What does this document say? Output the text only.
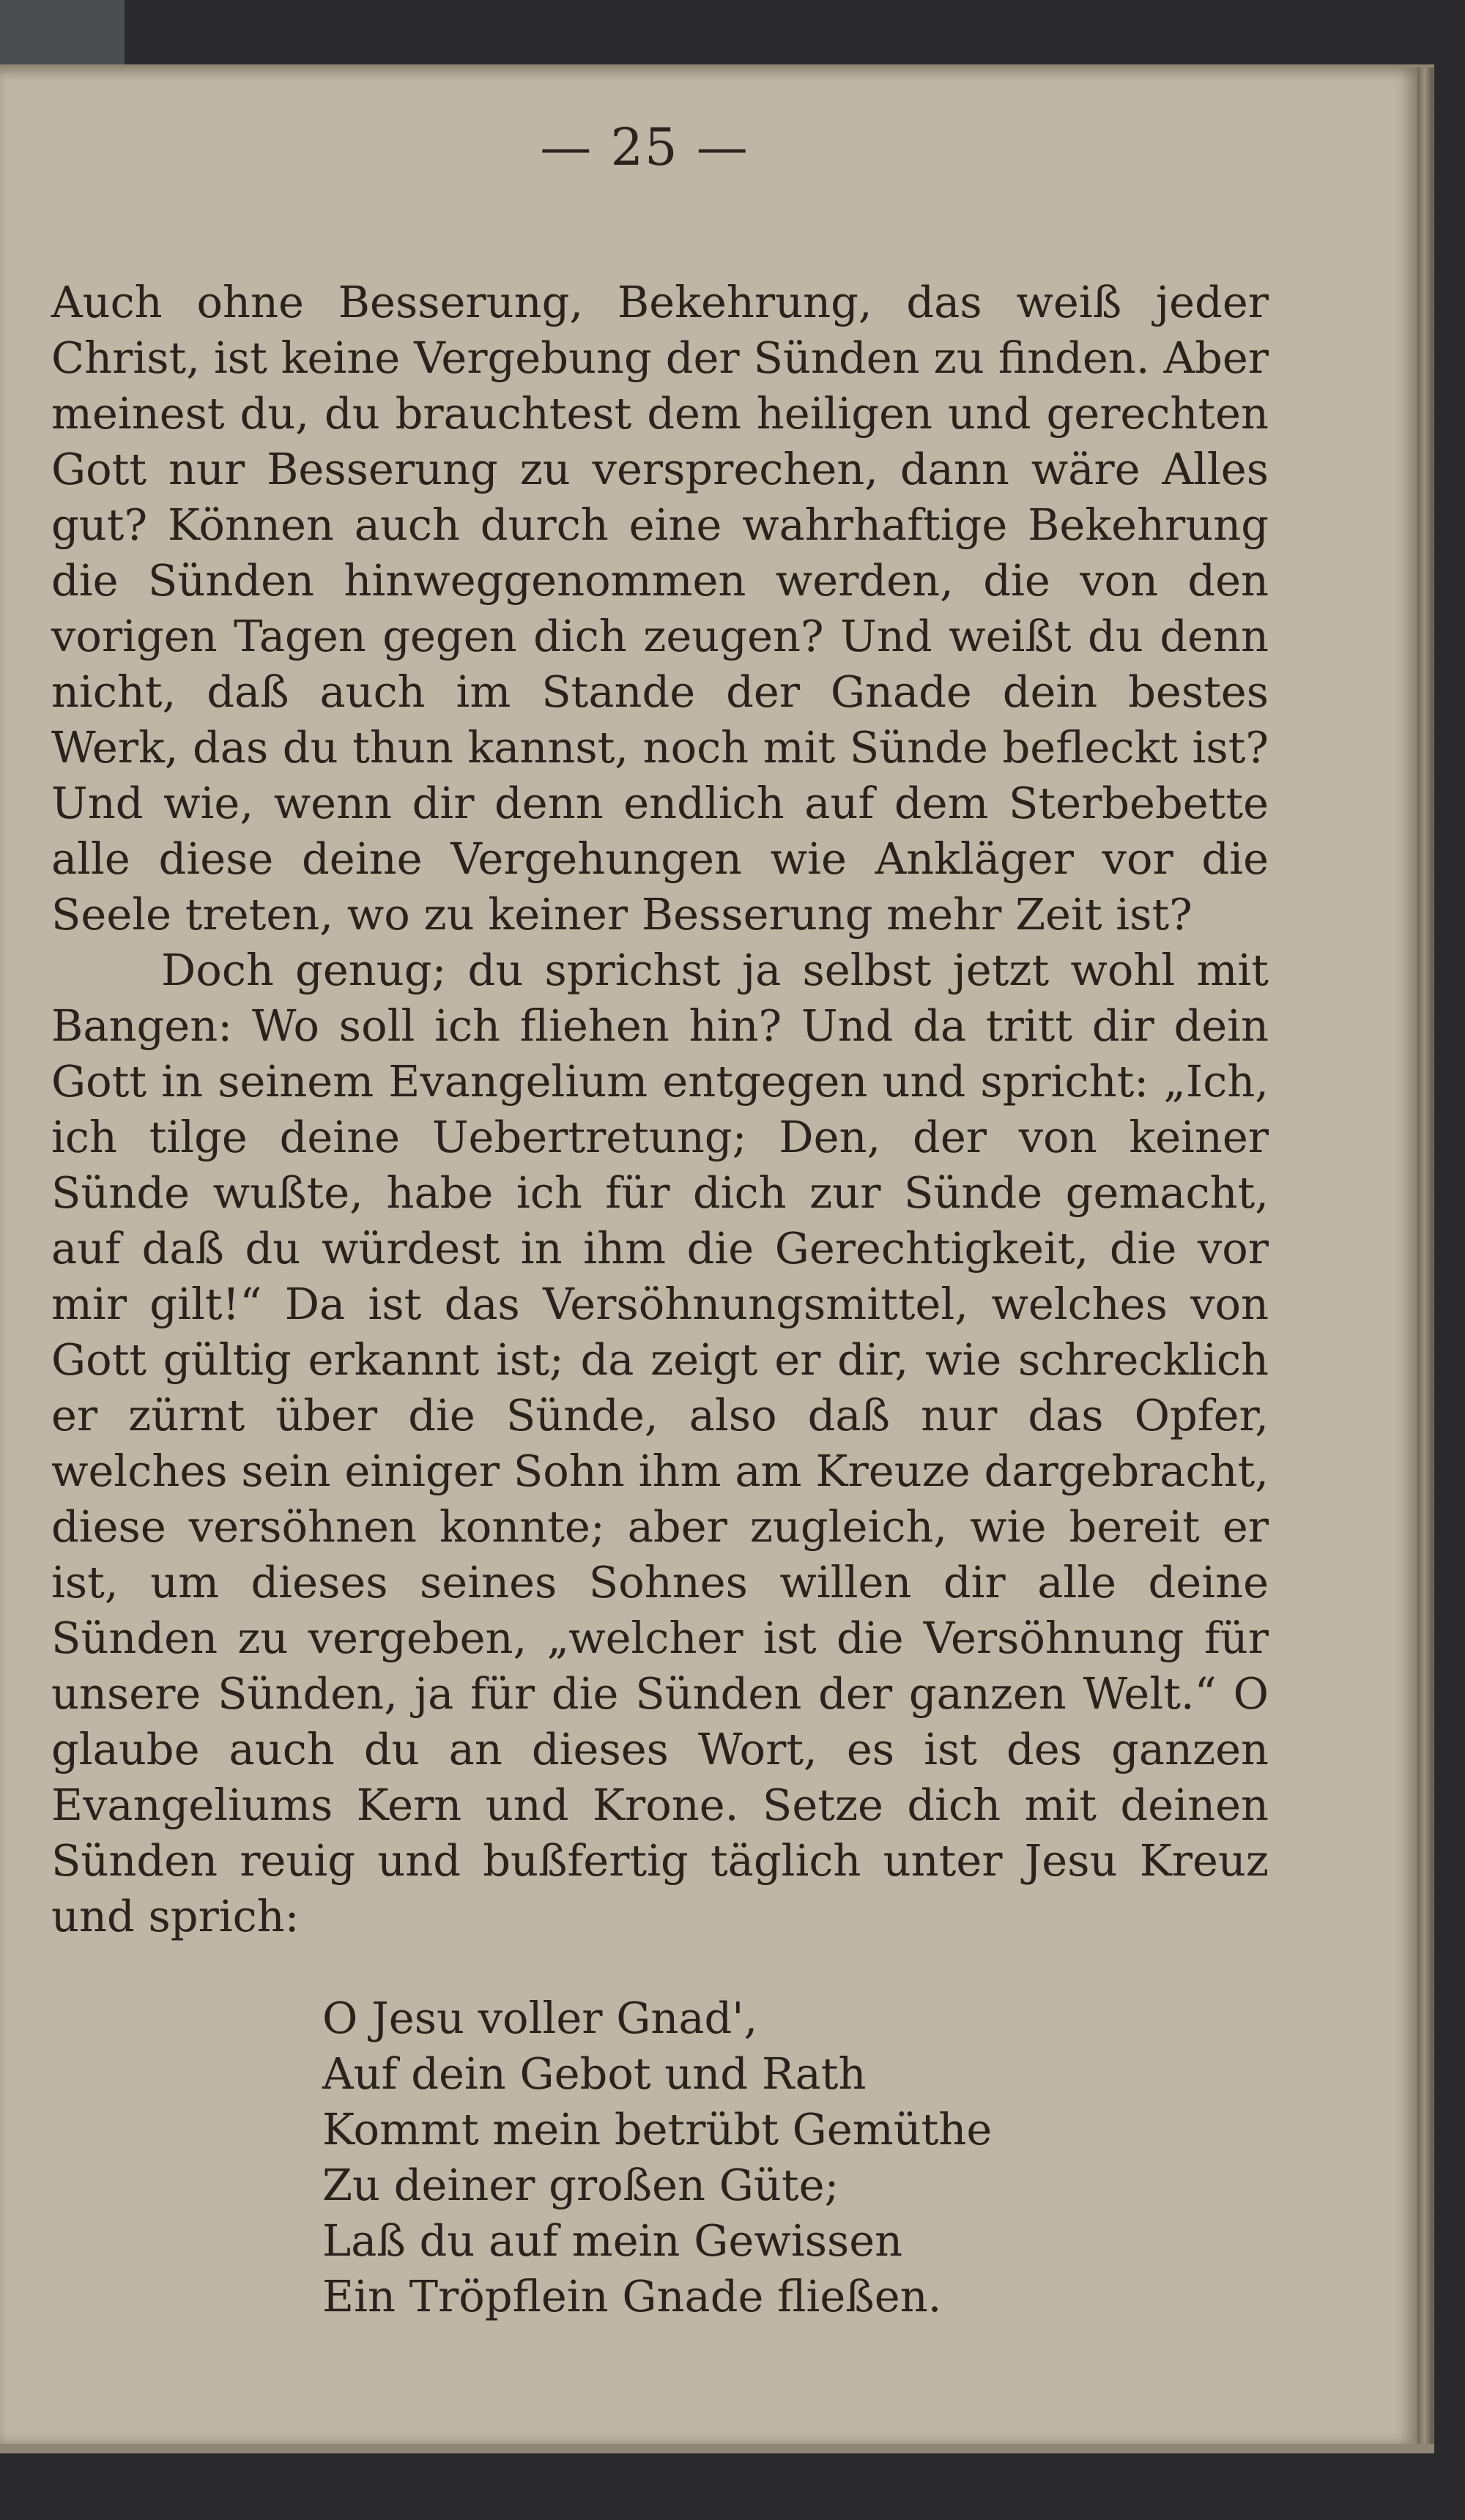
— 25 —

Auch ohne Besserung, Bekehrung, das weiß jeder Christ, ist keine Vergebung der Sünden zu finden. Aber meinest du, du brauchtest dem heiligen und gerechten Gott nur Besserung zu versprechen, dann wäre Alles gut? Können auch durch eine wahrhaftige Bekehrung die Sünden hinweggenommen werden, die von den vorigen Tagen gegen dich zeugen? Und weißt du denn nicht, daß auch im Stande der Gnade dein bestes Werk, das du thun kannst, noch mit Sünde befleckt ist? Und wie, wenn dir denn endlich auf dem Sterbebette alle diese deine Vergehungen wie Ankläger vor die Seele treten, wo zu keiner Besserung mehr Zeit ist?

Doch genug; du sprichst ja selbst jetzt wohl mit Bangen: Wo soll ich fliehen hin? Und da tritt dir dein Gott in seinem Evangelium entgegen und spricht: „Ich, ich tilge deine Uebertretung; Den, der von keiner Sünde wußte, habe ich für dich zur Sünde gemacht, auf daß du würdest in ihm die Gerechtigkeit, die vor mir gilt!“ Da ist das Versöhnungsmittel, welches von Gott gültig erkannt ist; da zeigt er dir, wie schrecklich er zürnt über die Sünde, also daß nur das Opfer, welches sein einiger Sohn ihm am Kreuze dargebracht, diese versöhnen konnte; aber zugleich, wie bereit er ist, um dieses seines Sohnes willen dir alle deine Sünden zu vergeben, „welcher ist die Versöhnung für unsere Sünden, ja für die Sünden der ganzen Welt.“ O glaube auch du an dieses Wort, es ist des ganzen Evangeliums Kern und Krone. Setze dich mit deinen Sünden reuig und bußfertig täglich unter Jesu Kreuz und sprich:

O Jesu voller Gnad',
Auf dein Gebot und Rath
Kommt mein betrübt Gemüthe
Zu deiner großen Güte;
Laß du auf mein Gewissen
Ein Tröpflein Gnade fließen.
